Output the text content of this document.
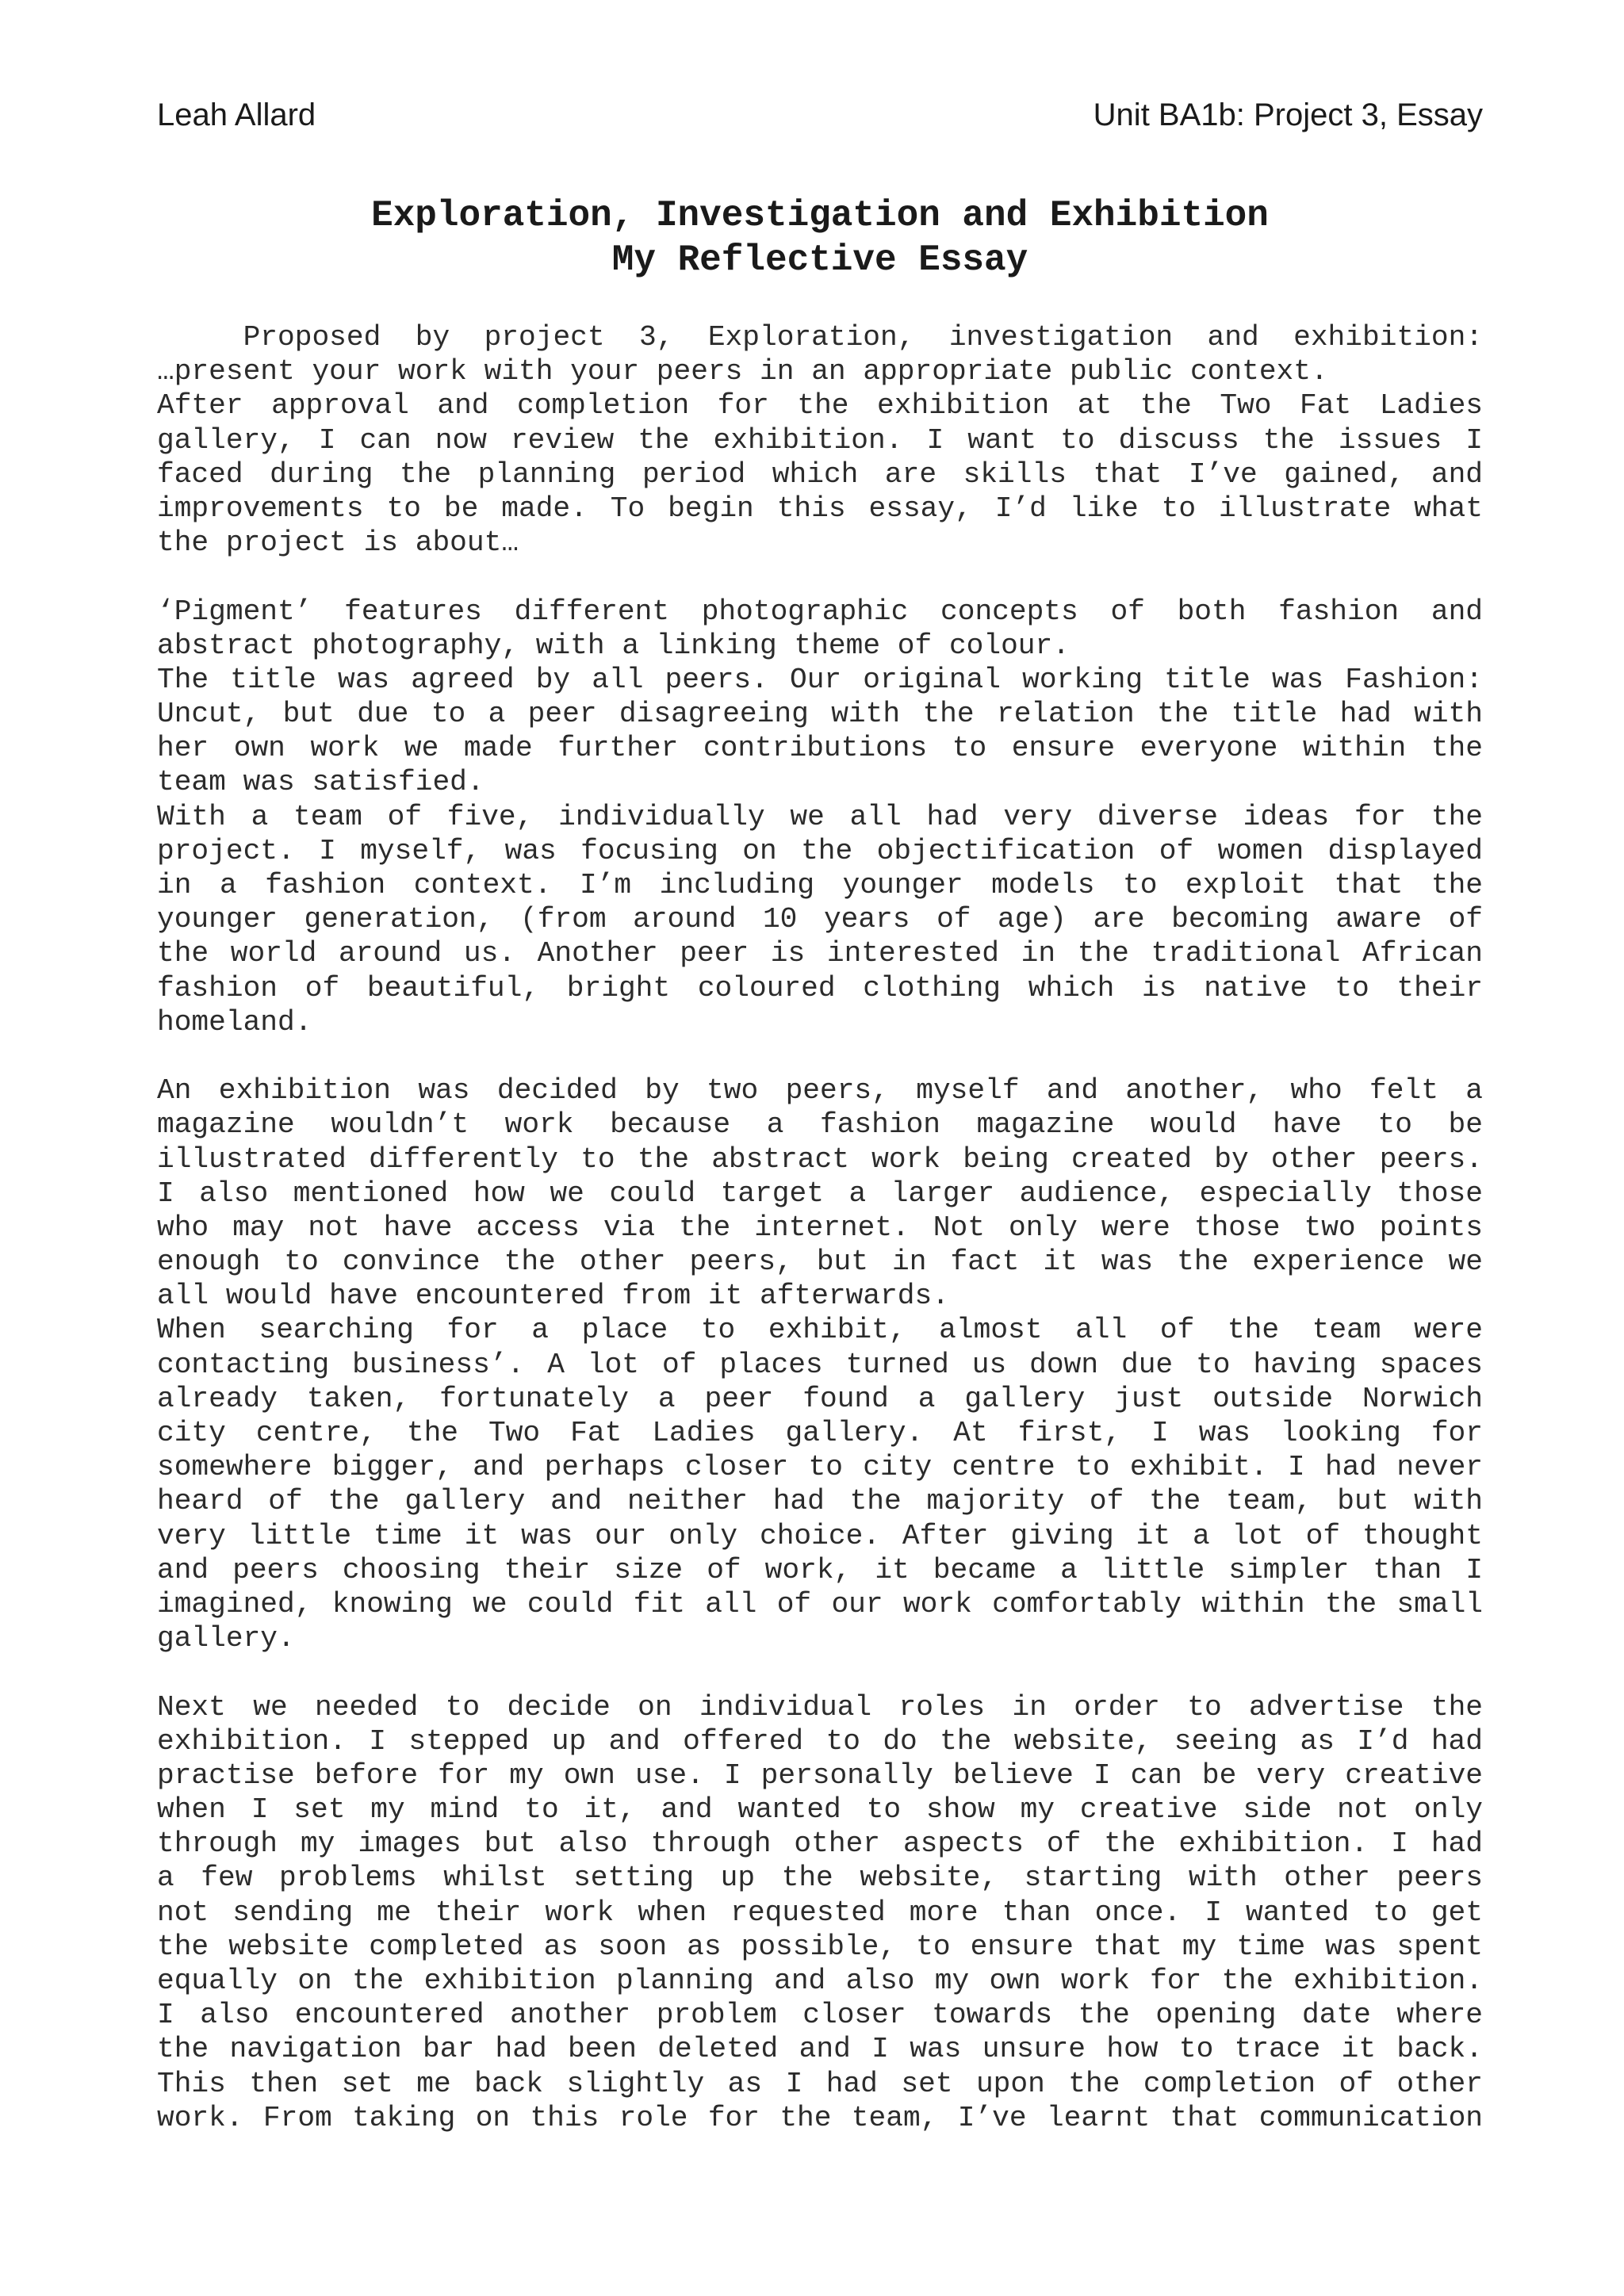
Leah Allard	Unit BA1b: Project 3, Essay
Exploration, Investigation and Exhibition
My Reflective Essay
Proposed by project 3, Exploration, investigation and exhibition:
…present your work with your peers in an appropriate public context.
After approval and completion for the exhibition at the Two Fat Ladies
gallery, I can now review the exhibition. I want to discuss the issues I
faced during the planning period which are skills that I’ve gained, and
improvements to be made. To begin this essay, I’d like to illustrate what
the project is about…
‘Pigment’ features different photographic concepts of both fashion and
abstract photography, with a linking theme of colour.
The title was agreed by all peers. Our original working title was Fashion:
Uncut, but due to a peer disagreeing with the relation the title had with
her own work we made further contributions to ensure everyone within the
team was satisfied.
With a team of five, individually we all had very diverse ideas for the
project. I myself, was focusing on the objectification of women displayed
in a fashion context. I’m including younger models to exploit that the
younger generation, (from around 10 years of age) are becoming aware of
the world around us. Another peer is interested in the traditional African
fashion of beautiful, bright coloured clothing which is native to their
homeland.
An exhibition was decided by two peers, myself and another, who felt a
magazine wouldn’t work because a fashion magazine would have to be
illustrated differently to the abstract work being created by other peers.
I also mentioned how we could target a larger audience, especially those
who may not have access via the internet. Not only were those two points
enough to convince the other peers, but in fact it was the experience we
all would have encountered from it afterwards.
When searching for a place to exhibit, almost all of the team were
contacting business’. A lot of places turned us down due to having spaces
already taken, fortunately a peer found a gallery just outside Norwich
city centre, the Two Fat Ladies gallery. At first, I was looking for
somewhere bigger, and perhaps closer to city centre to exhibit. I had never
heard of the gallery and neither had the majority of the team, but with
very little time it was our only choice. After giving it a lot of thought
and peers choosing their size of work, it became a little simpler than I
imagined, knowing we could fit all of our work comfortably within the small
gallery.
Next we needed to decide on individual roles in order to advertise the
exhibition. I stepped up and offered to do the website, seeing as I’d had
practise before for my own use. I personally believe I can be very creative
when I set my mind to it, and wanted to show my creative side not only
through my images but also through other aspects of the exhibition. I had
a few problems whilst setting up the website, starting with other peers
not sending me their work when requested more than once. I wanted to get
the website completed as soon as possible, to ensure that my time was spent
equally on the exhibition planning and also my own work for the exhibition.
I also encountered another problem closer towards the opening date where
the navigation bar had been deleted and I was unsure how to trace it back.
This then set me back slightly as I had set upon the completion of other
work. From taking on this role for the team, I’ve learnt that communication
